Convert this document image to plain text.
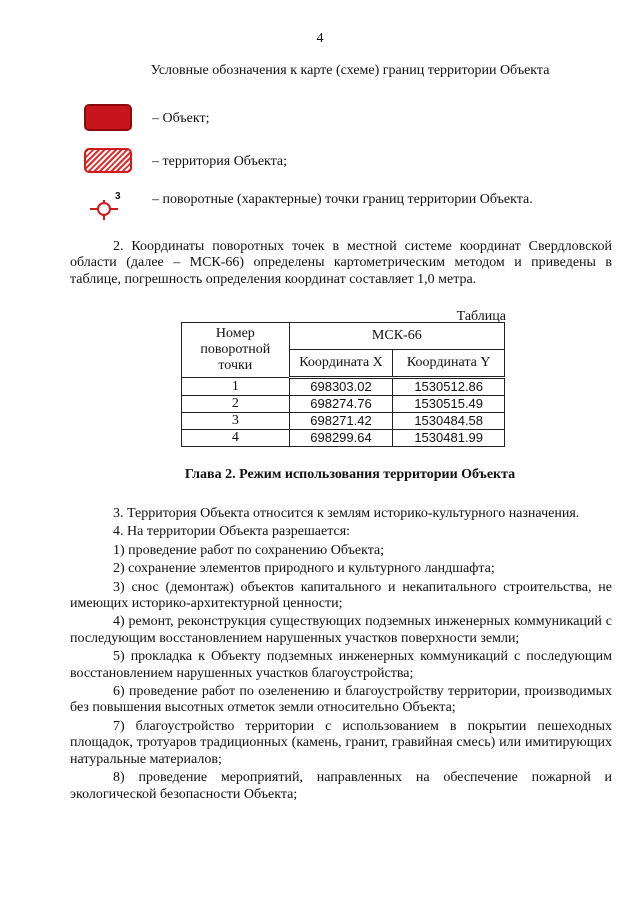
4
Условные обозначения к карте (схеме) границ территории Объекта
– Объект;
– территория Объекта;
3 – поворотные (характерные) точки границ территории Объекта.

2. Координаты поворотных точек в местной системе координат Свердловской области (далее – МСК-66) определены картометрическим методом и приведены в таблице, погрешность определения координат составляет 1,0 метра.

Таблица
Номер поворотной точки	МСК-66	
	Координата X	Координата Y
1	698303.02	1530512.86
2	698274.76	1530515.49
3	698271.42	1530484.58
4	698299.64	1530481.99
Глава 2. Режим использования территории Объекта

3. Территория Объекта относится к землям историко-культурного назначения.

4. На территории Объекта разрешается:

1) проведение работ по сохранению Объекта;

2) сохранение элементов природного и культурного ландшафта;

3) снос (демонтаж) объектов капитального и некапитального строительства, не имеющих историко-архитектурной ценности;

4) ремонт, реконструкция существующих подземных инженерных коммуникаций с последующим восстановлением нарушенных участков поверхности земли;

5) прокладка к Объекту подземных инженерных коммуникаций с последующим восстановлением нарушенных участков благоустройства;

6) проведение работ по озеленению и благоустройству территории, производимых без повышения высотных отметок земли относительно Объекта;

7) благоустройство территории с использованием в покрытии пешеходных площадок, тротуаров традиционных (камень, гранит, гравийная смесь) или имитирующих натуральные материалов;

8) проведение мероприятий, направленных на обеспечение пожарной и экологической безопасности Объекта;
